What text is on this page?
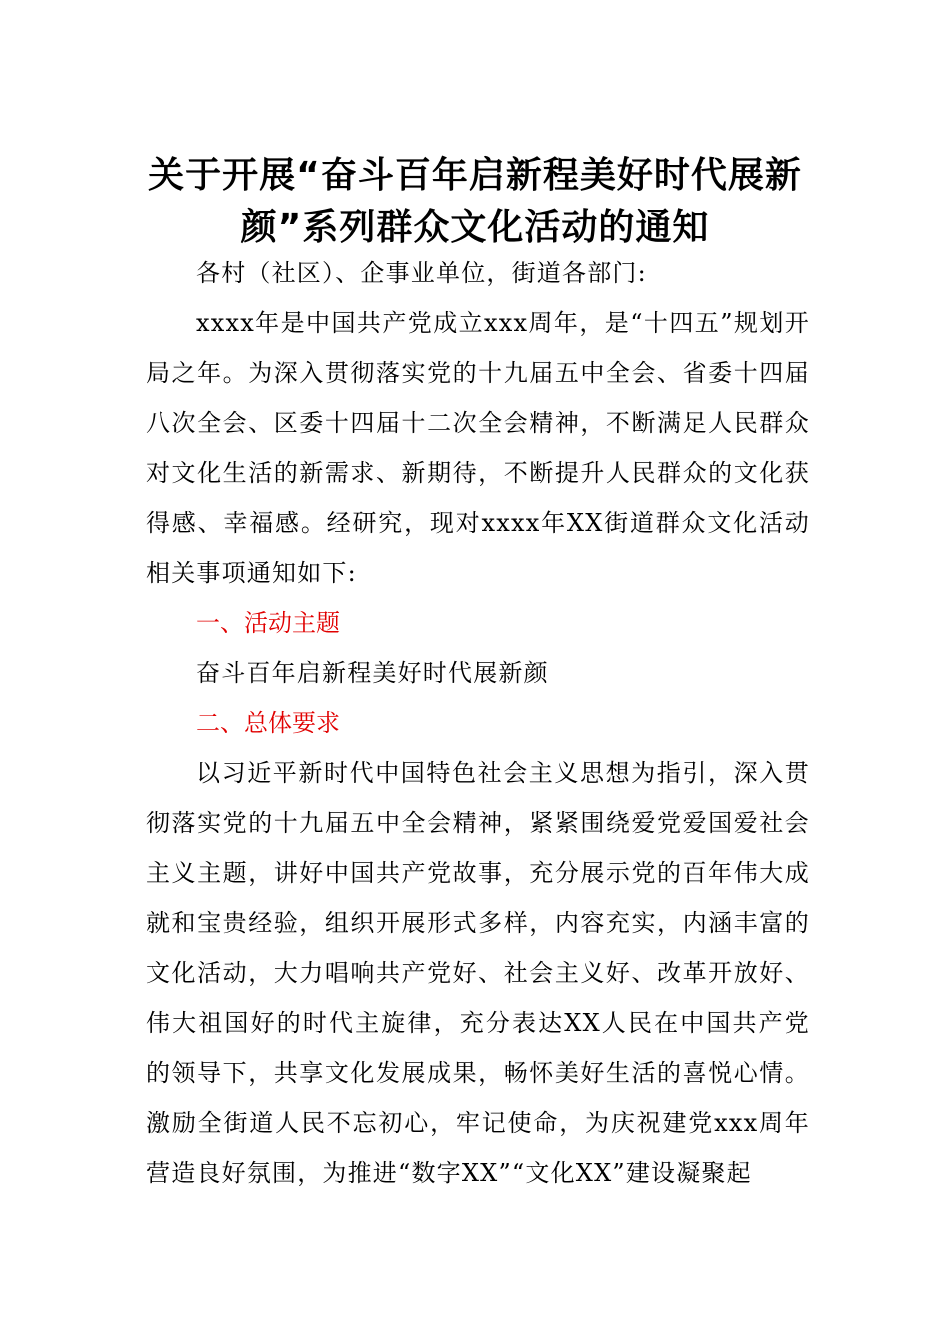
关于开展“奋斗百年启新程美好时代展新颜”系列群众文化活动的通知

各村（社区）、企事业单位，街道各部门:

xxxx年是中国共产党成立xxx周年，是“十四五”规划开局之年。为深入贯彻落实党的十九届五中全会、省委十四届八次全会、区委十四届十二次全会精神，不断满足人民群众对文化生活的新需求、新期待，不断提升人民群众的文化获得感、幸福感。经研究，现对xxxx年XX街道群众文化活动相关事项通知如下:

一、活动主题

奋斗百年启新程美好时代展新颜

二、总体要求

以习近平新时代中国特色社会主义思想为指引，深入贯彻落实党的十九届五中全会精神，紧紧围绕爱党爱国爱社会主义主题，讲好中国共产党故事，充分展示党的百年伟大成就和宝贵经验，组织开展形式多样，内容充实，内涵丰富的文化活动，大力唱响共产党好、社会主义好、改革开放好、伟大祖国好的时代主旋律，充分表达XX人民在中国共产党的领导下，共享文化发展成果，畅怀美好生活的喜悦心情。激励全街道人民不忘初心，牢记使命，为庆祝建党xxx周年营造良好氛围，为推进“数字XX”“文化XX”建设凝聚起
